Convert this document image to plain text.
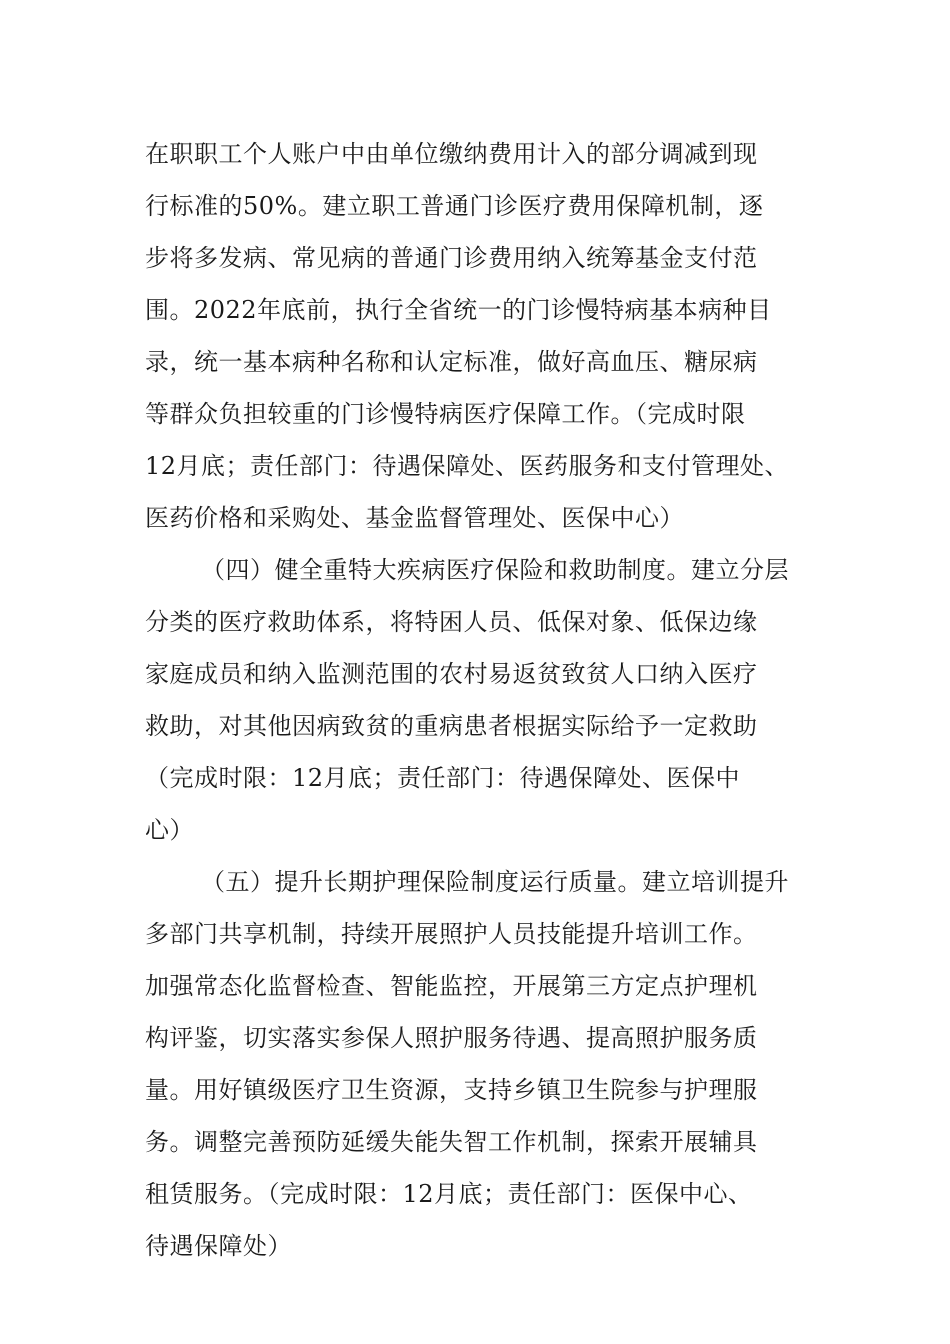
在职职工个人账户中由单位缴纳费用计入的部分调减到现
行标准的50%。建立职工普通门诊医疗费用保障机制，逐
步将多发病、常见病的普通门诊费用纳入统筹基金支付范
围。2022年底前，执行全省统一的门诊慢特病基本病种目
录，统一基本病种名称和认定标准，做好高血压、糖尿病
等群众负担较重的门诊慢特病医疗保障工作。（完成时限
12月底；责任部门：待遇保障处、医药服务和支付管理处、
医药价格和采购处、基金监督管理处、医保中心）
（四）健全重特大疾病医疗保险和救助制度。建立分层
分类的医疗救助体系，将特困人员、低保对象、低保边缘
家庭成员和纳入监测范围的农村易返贫致贫人口纳入医疗
救助，对其他因病致贫的重病患者根据实际给予一定救助
（完成时限：12月底；责任部门：待遇保障处、医保中
心）
（五）提升长期护理保险制度运行质量。建立培训提升
多部门共享机制，持续开展照护人员技能提升培训工作。
加强常态化监督检查、智能监控，开展第三方定点护理机
构评鉴，切实落实参保人照护服务待遇、提高照护服务质
量。用好镇级医疗卫生资源，支持乡镇卫生院参与护理服
务。调整完善预防延缓失能失智工作机制，探索开展辅具
租赁服务。（完成时限：12月底；责任部门：医保中心、
待遇保障处）
